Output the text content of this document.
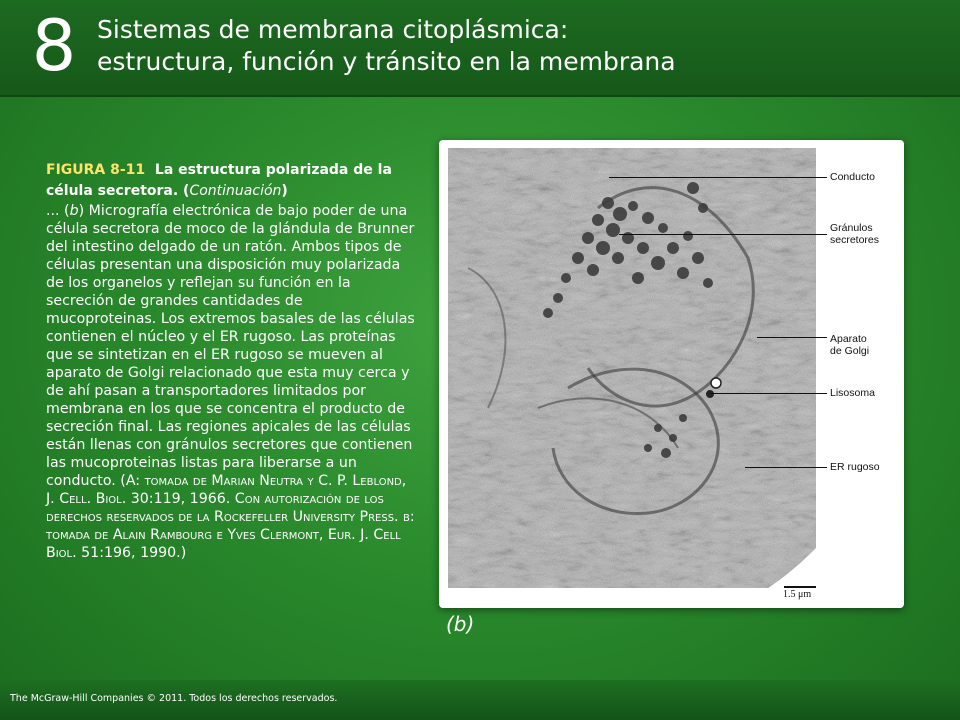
8 Sistemas de membrana citoplásmica:
estructura, función y tránsito en la membrana
FIGURA 8-11 La estructura polarizada de la célula secretora. (Continuación)
... (b) Micrografía electrónica de bajo poder de una célula secretora de moco de la glándula de Brunner del intestino delgado de un ratón. Ambos tipos de células presentan una disposición muy polarizada de los organelos y reflejan su función en la secreción de grandes cantidades de mucoproteinas. Los extremos basales de las células contienen el núcleo y el ER rugoso. Las proteínas que se sintetizan en el ER rugoso se mueven al aparato de Golgi relacionado que esta muy cerca y de ahí pasan a transportadores limitados por membrana en los que se concentra el producto de secreción final. Las regiones apicales de las células están llenas con gránulos secretores que contienen las mucoproteinas listas para liberarse a un conducto. (A: tomada de Marian Neutra y C. P. Leblond, J. Cell. Biol. 30:119, 1966. Con autorización de los derechos reservados de la Rockefeller University Press. b: tomada de Alain Rambourg e Yves Clermont, Eur. J. Cell Biol. 51:196, 1990.)
Conducto
Gránulos
secretores
Aparato
de Golgi
Lisosoma
ER rugoso
1.5 μm
(b)
The McGraw-Hill Companies © 2011. Todos los derechos reservados.
